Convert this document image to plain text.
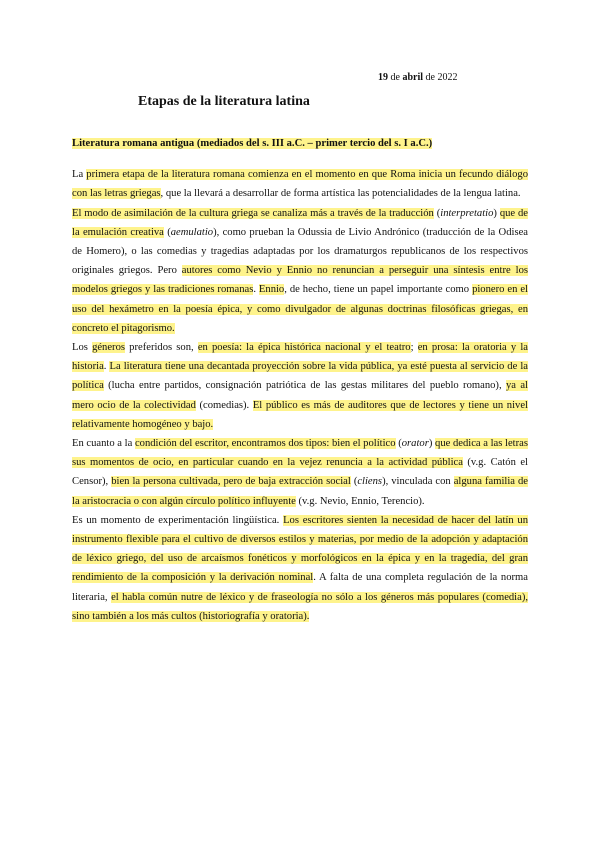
19 de abril de 2022
Etapas de la literatura latina
Literatura romana antigua (mediados del s. III a.C. – primer tercio del s. I a.C.)

La primera etapa de la literatura romana comienza en el momento en que Roma inicia un fecundo diálogo con las letras griegas, que la llevará a desarrollar de forma artística las potencialidades de la lengua latina.

El modo de asimilación de la cultura griega se canaliza más a través de la traducción (interpretatio) que de la emulación creativa (aemulatio), como prueban la Odussia de Livio Andrónico (traducción de la Odisea de Homero), o las comedias y tragedias adaptadas por los dramaturgos republicanos de los respectivos originales griegos. Pero autores como Nevio y Ennio no renuncian a perseguir una síntesis entre los modelos griegos y las tradiciones romanas. Ennio, de hecho, tiene un papel importante como pionero en el uso del hexámetro en la poesía épica, y como divulgador de algunas doctrinas filosóficas griegas, en concreto el pitagorismo.

Los géneros preferidos son, en poesía: la épica histórica nacional y el teatro; en prosa: la oratoria y la historia. La literatura tiene una decantada proyección sobre la vida pública, ya esté puesta al servicio de la política (lucha entre partidos, consignación patriótica de las gestas militares del pueblo romano), ya al mero ocio de la colectividad (comedias). El público es más de auditores que de lectores y tiene un nivel relativamente homogéneo y bajo.

En cuanto a la condición del escritor, encontramos dos tipos: bien el político (orator) que dedica a las letras sus momentos de ocio, en particular cuando en la vejez renuncia a la actividad pública (v.g. Catón el Censor), bien la persona cultivada, pero de baja extracción social (cliens), vinculada con alguna familia de la aristocracia o con algún círculo político influyente (v.g. Nevio, Ennio, Terencio).

Es un momento de experimentación lingüística. Los escritores sienten la necesidad de hacer del latín un instrumento flexible para el cultivo de diversos estilos y materias, por medio de la adopción y adaptación de léxico griego, del uso de arcaísmos fonéticos y morfológicos en la épica y en la tragedia, del gran rendimiento de la composición y la derivación nominal. A falta de una completa regulación de la norma literaria, el habla común nutre de léxico y de fraseología no sólo a los géneros más populares (comedia), sino también a los más cultos (historiografía y oratoria).
